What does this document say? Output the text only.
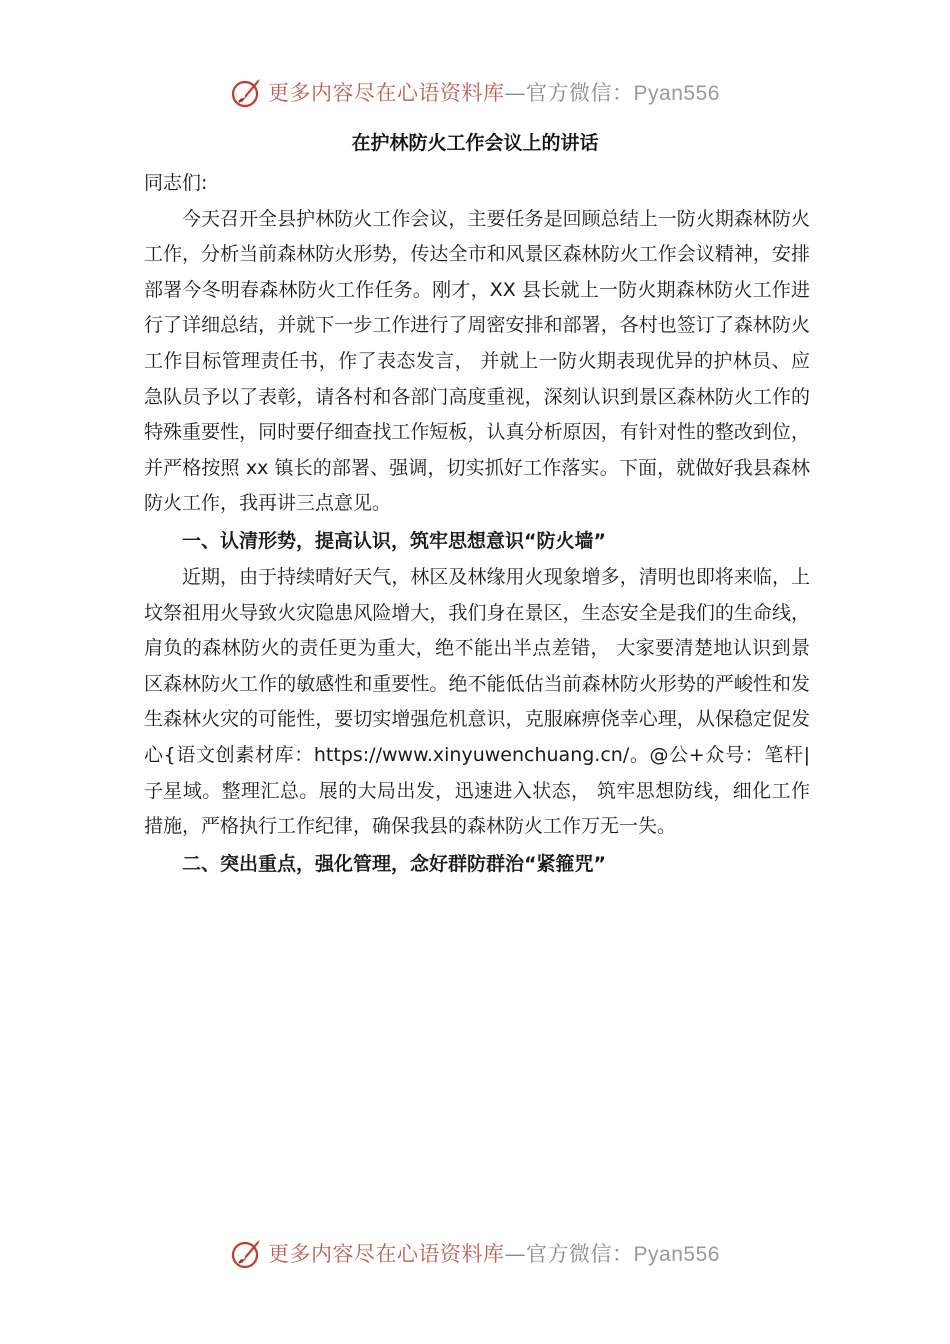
更多内容尽在心语资料库—官方微信：Pyan556
在护林防火工作会议上的讲话

同志们:

今天召开全县护林防火工作会议，主要任务是回顾总结上一防火期森林防火工作，分析当前森林防火形势，传达全市和风景区森林防火工作会议精神，安排部署今冬明春森林防火工作任务。刚才，XX 县长就上一防火期森林防火工作进行了详细总结，并就下一步工作进行了周密安排和部署，各村也签订了森林防火工作目标管理责任书，作了表态发言， 并就上一防火期表现优异的护林员、应急队员予以了表彰，请各村和各部门高度重视，深刻认识到景区森林防火工作的特殊重要性，同时要仔细查找工作短板，认真分析原因，有针对性的整改到位，并严格按照 xx 镇长的部署、强调，切实抓好工作落实。下面，就做好我县森林防火工作，我再讲三点意见。

一、认清形势，提高认识，筑牢思想意识“防火墙”

近期，由于持续晴好天气，林区及林缘用火现象增多，清明也即将来临，上坟祭祖用火导致火灾隐患风险增大，我们身在景区，生态安全是我们的生命线，肩负的森林防火的责任更为重大，绝不能出半点差错， 大家要清楚地认识到景区森林防火工作的敏感性和重要性。绝不能低估当前森林防火形势的严峻性和发生森林火灾的可能性，要切实增强危机意识，克服麻痹侥幸心理，从保稳定促发心{语文创素材库：https://www.xinyuwenchuang.cn/。@公+众号：笔杆|子星域。整理汇总。展的大局出发，迅速进入状态， 筑牢思想防线，细化工作措施，严格执行工作纪律，确保我县的森林防火工作万无一失。

二、突出重点，强化管理，念好群防群治“紧箍咒”

更多内容尽在心语资料库—官方微信：Pyan556
